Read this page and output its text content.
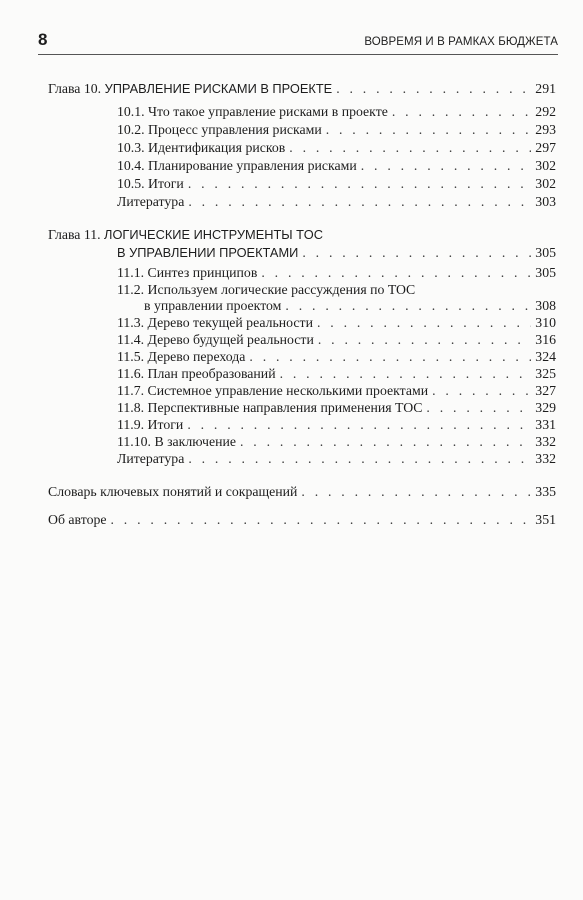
8	ВОВРЕМЯ И В РАМКАХ БЮДЖЕТА
Глава 10. УПРАВЛЕНИЕ РИСКАМИ В ПРОЕКТЕ . . .	291
10.1. Что такое управление рисками в проекте . . .	292
10.2. Процесс управления рисками . . .	293
10.3. Идентификация рисков . . .	297
10.4. Планирование управления рисками . . .	302
10.5. Итоги . . .	302
Литература . . .	303
Глава 11. ЛОГИЧЕСКИЕ ИНСТРУМЕНТЫ TOC
В УПРАВЛЕНИИ ПРОЕКТАМИ . . .	305
11.1. Синтез принципов . . .	305
11.2. Используем логические рассуждения по TOC
в управлении проектом . . .	308
11.3. Дерево текущей реальности . . .	310
11.4. Дерево будущей реальности . . .	316
11.5. Дерево перехода . . .	324
11.6. План преобразований . . .	325
11.7. Системное управление несколькими проектами . . .	327
11.8. Перспективные направления применения TOC . . .	329
11.9. Итоги . . .	331
11.10. В заключение . . .	332
Литература . . .	332
Словарь ключевых понятий и сокращений . . .	335
Об авторе . . .	351
